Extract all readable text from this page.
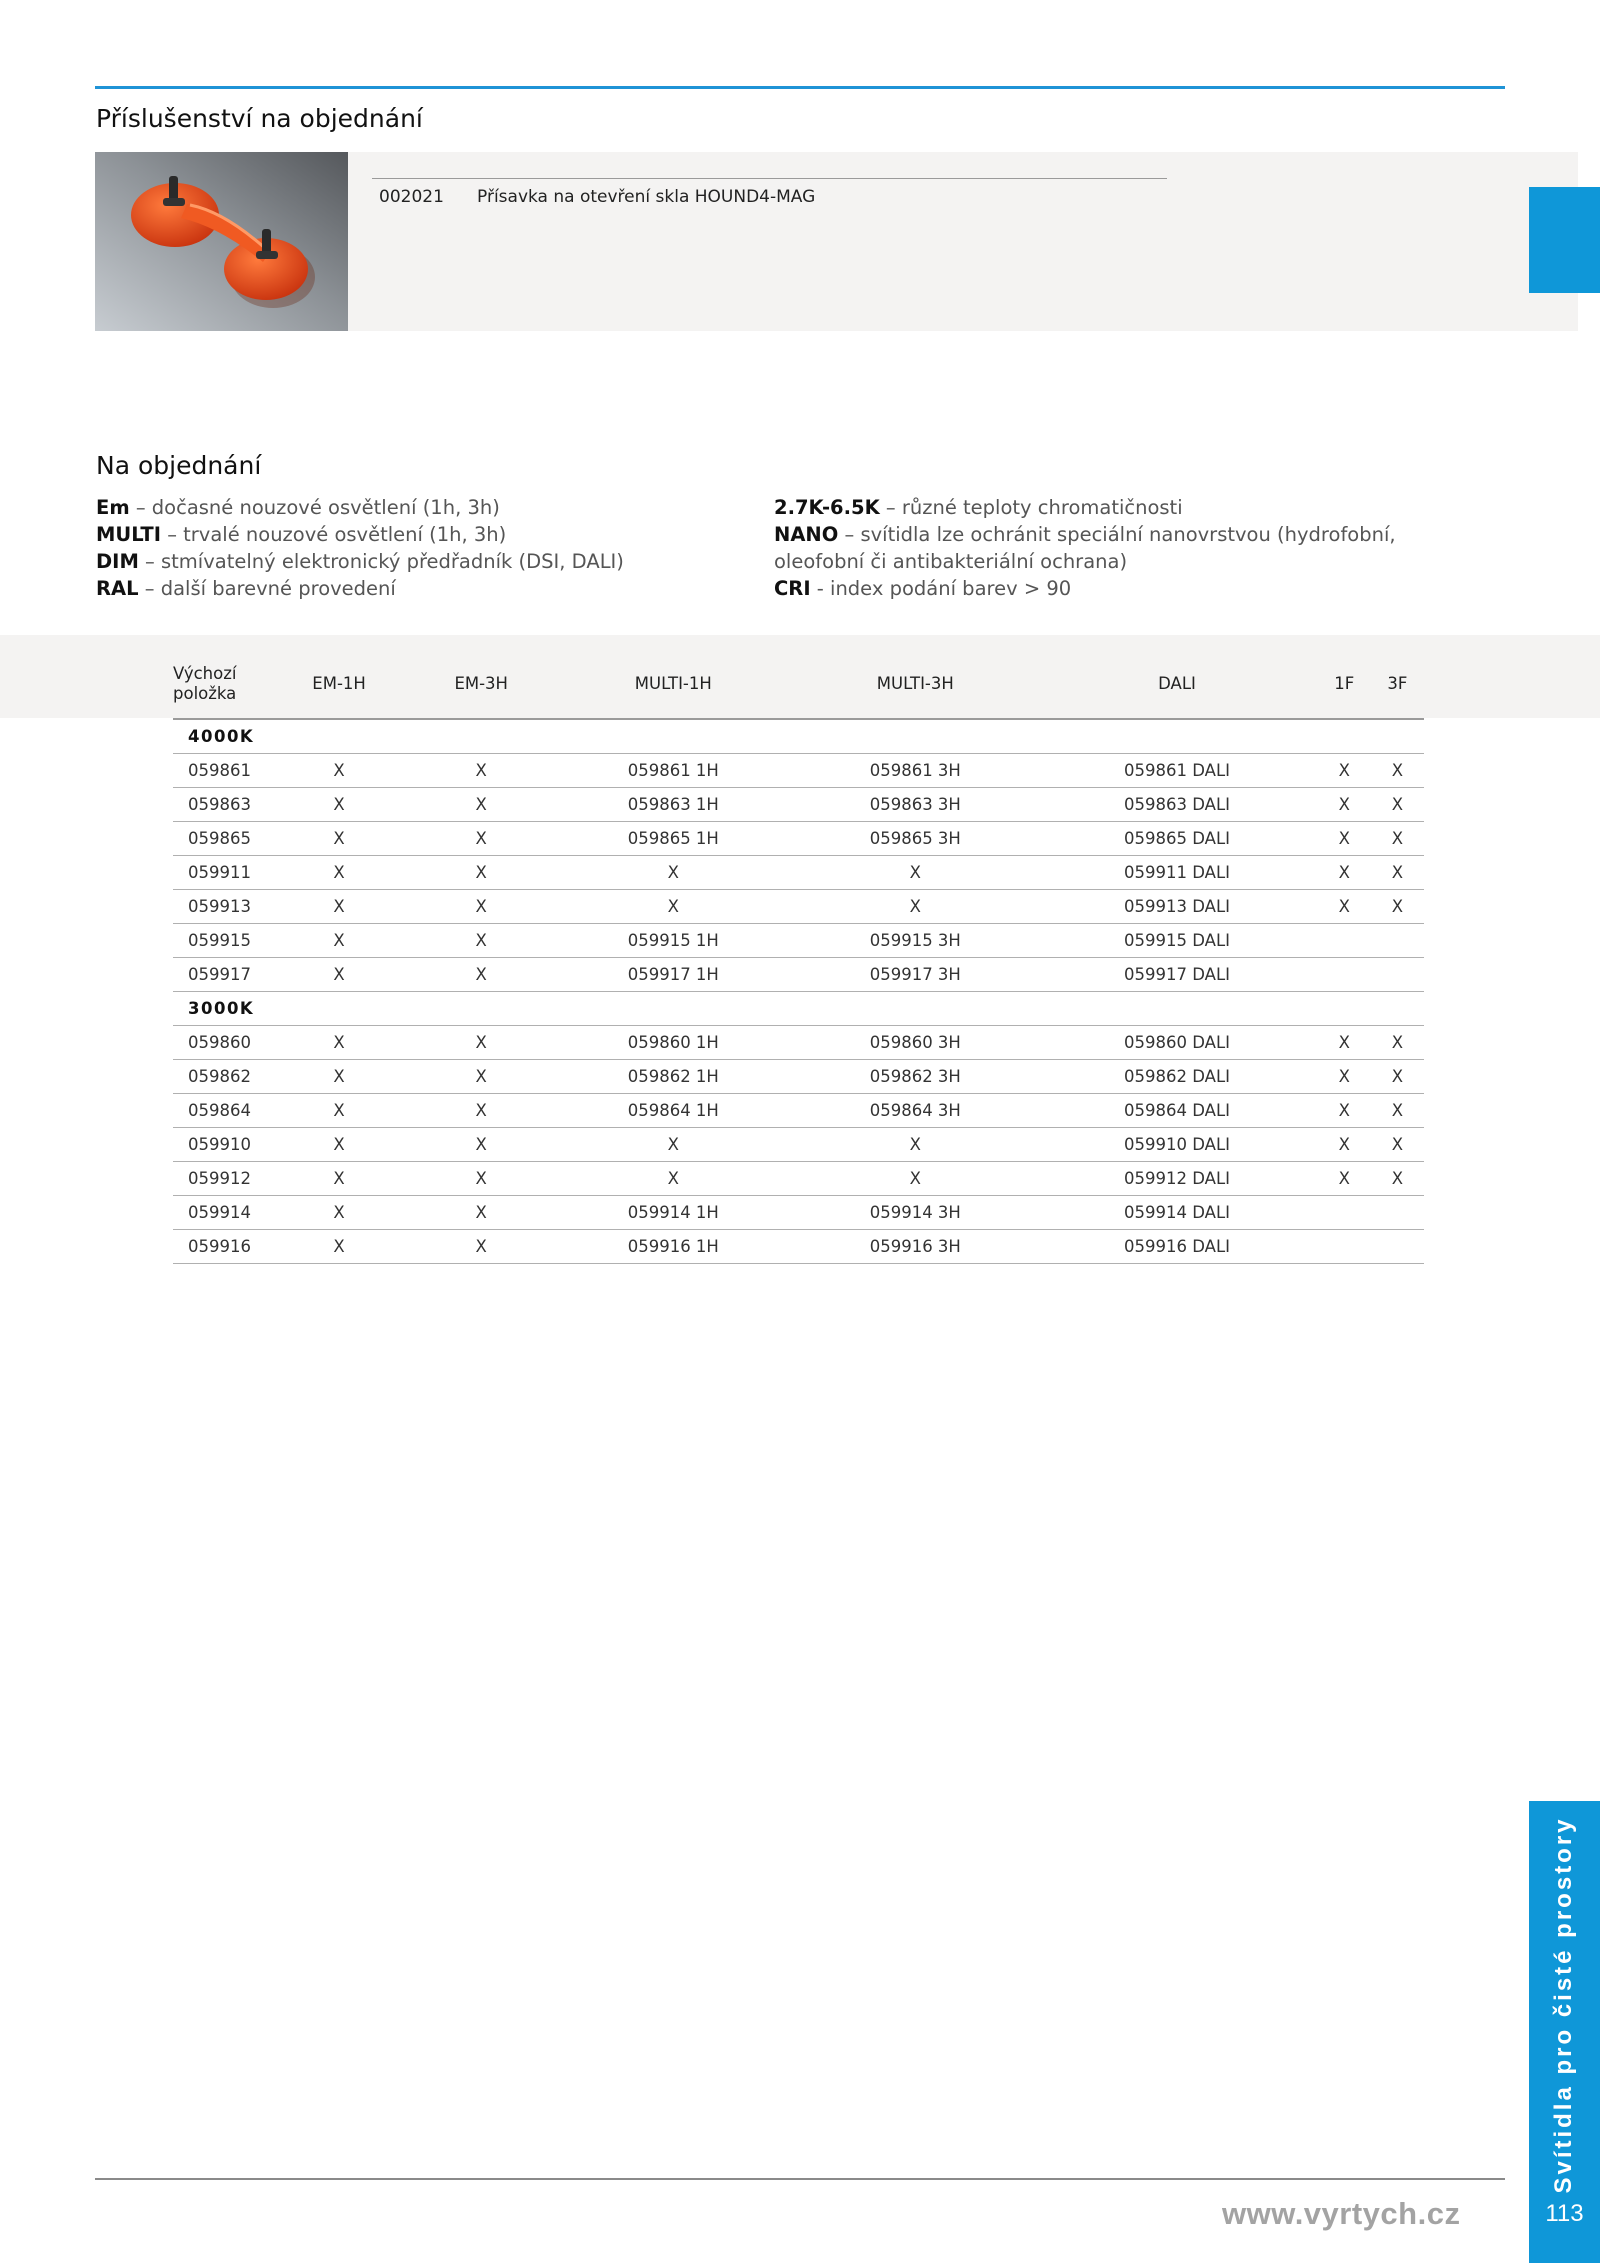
Příslušenství na objednání
002021 Přísavka na otevření skla HOUND4-MAG
Na objednání
Em – dočasné nouzové osvětlení (1h, 3h)
MULTI – trvalé nouzové osvětlení (1h, 3h)
DIM – stmívatelný elektronický předřadník (DSI, DALI)
RAL – další barevné provedení
2.7K-6.5K – různé teploty chromatičnosti
NANO – svítidla lze ochránit speciální nanovrstvou (hydrofobní, oleofobní či antibakteriální ochrana)
CRI - index podání barev > 90
Výchozí
položka	EM-1H	EM-3H	MULTI-1H	MULTI-3H	DALI	1F	3F
4000K							
059861	X	X	059861 1H	059861 3H	059861 DALI	X	X
059863	X	X	059863 1H	059863 3H	059863 DALI	X	X
059865	X	X	059865 1H	059865 3H	059865 DALI	X	X
059911	X	X	X	X	059911 DALI	X	X
059913	X	X	X	X	059913 DALI	X	X
059915	X	X	059915 1H	059915 3H	059915 DALI		
059917	X	X	059917 1H	059917 3H	059917 DALI		
3000K							
059860	X	X	059860 1H	059860 3H	059860 DALI	X	X
059862	X	X	059862 1H	059862 3H	059862 DALI	X	X
059864	X	X	059864 1H	059864 3H	059864 DALI	X	X
059910	X	X	X	X	059910 DALI	X	X
059912	X	X	X	X	059912 DALI	X	X
059914	X	X	059914 1H	059914 3H	059914 DALI		
059916	X	X	059916 1H	059916 3H	059916 DALI		
Svítidla pro čisté prostory
113
www.vyrtych.cz
